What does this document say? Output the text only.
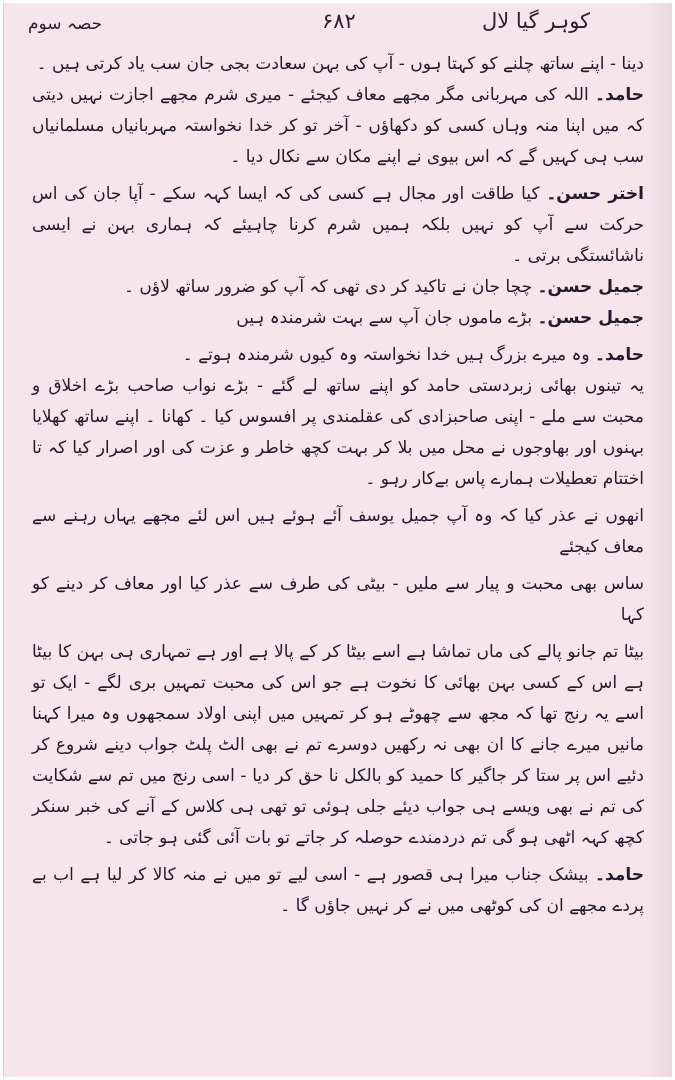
کوہر گیا لال
۶۸۲
حصہ سوم

دینا - اپنے ساتھ چلنے کو کہتا ہوں - آپ کی بہن سعادت بجی جان سب یاد کرتی ہیں ۔

حامد۔ اللہ کی مہربانی مگر مجھے معاف کیجئے - میری شرم مجھے اجازت نہیں دیتی کہ میں اپنا منہ وہاں کسی کو دکھاؤں - آخر تو کر خدا نخواستہ مہربانیاں مسلمانیاں سب ہی کہیں گے کہ اس بیوی نے اپنے مکان سے نکال دیا ۔

اختر حسن۔ کیا طاقت اور مجال ہے کسی کی کہ ایسا کہہ سکے - آپا جان کی اس حرکت سے آپ کو نہیں بلکہ ہمیں شرم کرنا چاہیئے کہ ہماری بہن نے ایسی ناشائستگی برتی ۔

جمیل حسن۔ چچا جان نے تاکید کر دی تھی کہ آپ کو ضرور ساتھ لاؤں ۔

جمیل حسن۔ بڑے ماموں جان آپ سے بہت شرمندہ ہیں

حامد۔ وہ میرے بزرگ ہیں خدا نخواستہ وہ کیوں شرمندہ ہوتے ۔

یہ تینوں بھائی زبردستی حامد کو اپنے ساتھ لے گئے - بڑے نواب صاحب بڑے اخلاق و محبت سے ملے - اپنی صاحبزادی کی عقلمندی پر افسوس کیا ۔ کھانا ۔ اپنے ساتھ کھلایا بہنوں اور بھاوجوں نے محل میں بلا کر بہت کچھ خاطر و عزت کی اور اصرار کیا کہ تا اختتام تعطیلات ہمارے پاس بےکار رہو ۔

انھوں نے عذر کیا کہ وہ آپ جمیل یوسف آئے ہوئے ہیں اس لئے مجھے یہاں رہنے سے معاف کیجئے

ساس بھی محبت و پیار سے ملیں - بیٹی کی طرف سے عذر کیا اور معاف کر دینے کو کہا

بیٹا تم جانو پالے کی ماں تماشا ہے اسے بیٹا کر کے پالا ہے اور ہے تمہاری ہی بہن کا بیٹا ہے اس کے کسی بہن بھائی کا نخوت ہے جو اس کی محبت تمہیں بری لگے - ایک تو اسے یہ رنج تھا کہ مجھ سے چھوٹے ہو کر تمہیں میں اپنی اولاد سمجھوں وہ میرا کہنا مانیں میرے جانے کا ان بھی نہ رکھیں دوسرے تم نے بھی الٹ پلٹ جواب دینے شروع کر دئیے اس پر ستا کر جاگیر کا حمید کو بالکل نا حق کر دیا - اسی رنج میں تم سے شکایت کی تم نے بھی ویسے ہی جواب دیئے جلی ہوئی تو تھی ہی کلاس کے آنے کی خبر سنکر کچھ کہہ اٹھی ہو گی تم دردمندے حوصلہ کر جاتے تو بات آئی گئی ہو جاتی ۔

حامد۔ بیشک جناب میرا ہی قصور ہے - اسی لیے تو میں نے منہ کالا کر لیا ہے اب بے پردے مجھے ان کی کوٹھی میں نے کر نہیں جاؤں گا ۔
